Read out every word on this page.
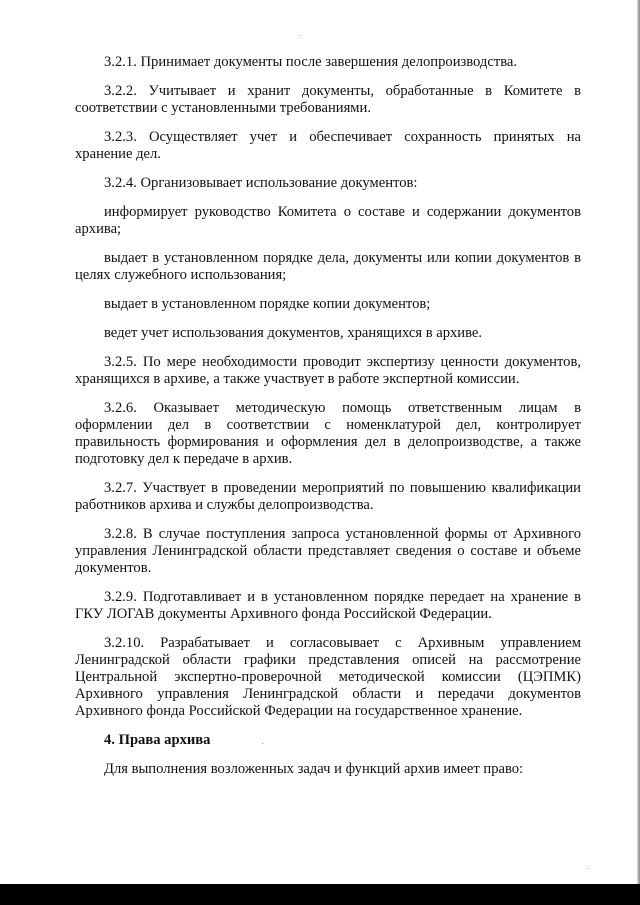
3.2.1. Принимает документы после завершения делопроизводства.

3.2.2. Учитывает и хранит документы, обработанные в Комитете в соответствии с установленными требованиями.

3.2.3. Осуществляет учет и обеспечивает сохранность принятых на хранение дел.

3.2.4. Организовывает использование документов:

информирует руководство Комитета о составе и содержании документов архива;

выдает в установленном порядке дела, документы или копии документов в целях служебного использования;

выдает в установленном порядке копии документов;

ведет учет использования документов, хранящихся в архиве.

3.2.5. По мере необходимости проводит экспертизу ценности документов, хранящихся в архиве, а также участвует в работе экспертной комиссии.

3.2.6. Оказывает методическую помощь ответственным лицам в оформлении дел в соответствии с номенклатурой дел, контролирует правильность формирования и оформления дел в делопроизводстве, а также подготовку дел к передаче в архив.

3.2.7. Участвует в проведении мероприятий по повышению квалификации работников архива и службы делопроизводства.

3.2.8. В случае поступления запроса установленной формы от Архивного управления Ленинградской области представляет сведения о составе и объеме документов.

3.2.9. Подготавливает и в установленном порядке передает на хранение в ГКУ ЛОГАВ документы Архивного фонда Российской Федерации.

3.2.10. Разрабатывает и согласовывает с Архивным управлением Ленинградской области графики представления описей на рассмотрение Центральной экспертно-проверочной методической комиссии (ЦЭПМК) Архивного управления Ленинградской области и передачи документов Архивного фонда Российской Федерации на государственное хранение.

4. Права архива

Для выполнения возложенных задач и функций архив имеет право:
